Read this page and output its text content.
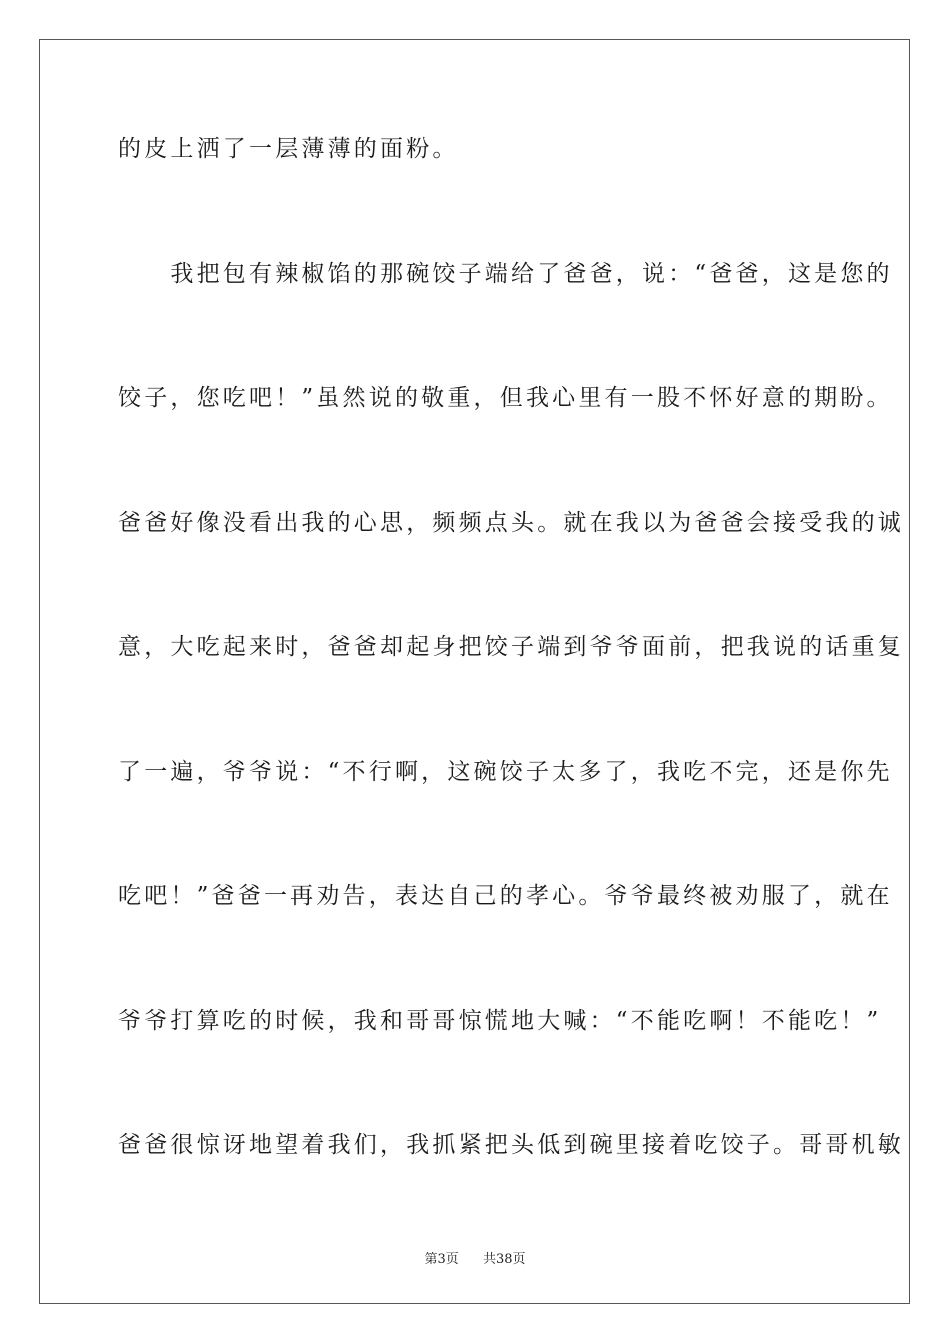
的皮上洒了一层薄薄的面粉。
　　我把包有辣椒馅的那碗饺子端给了爸爸，说：“爸爸，这是您的
饺子，您吃吧！”虽然说的敬重，但我心里有一股不怀好意的期盼。
爸爸好像没看出我的心思，频频点头。就在我以为爸爸会接受我的诚
意，大吃起来时，爸爸却起身把饺子端到爷爷面前，把我说的话重复
了一遍，爷爷说：“不行啊，这碗饺子太多了，我吃不完，还是你先
吃吧！”爸爸一再劝告，表达自己的孝心。爷爷最终被劝服了，就在
爷爷打算吃的时候，我和哥哥惊慌地大喊：“不能吃啊！不能吃！”
爸爸很惊讶地望着我们，我抓紧把头低到碗里接着吃饺子。哥哥机敏
第3页 共38页
